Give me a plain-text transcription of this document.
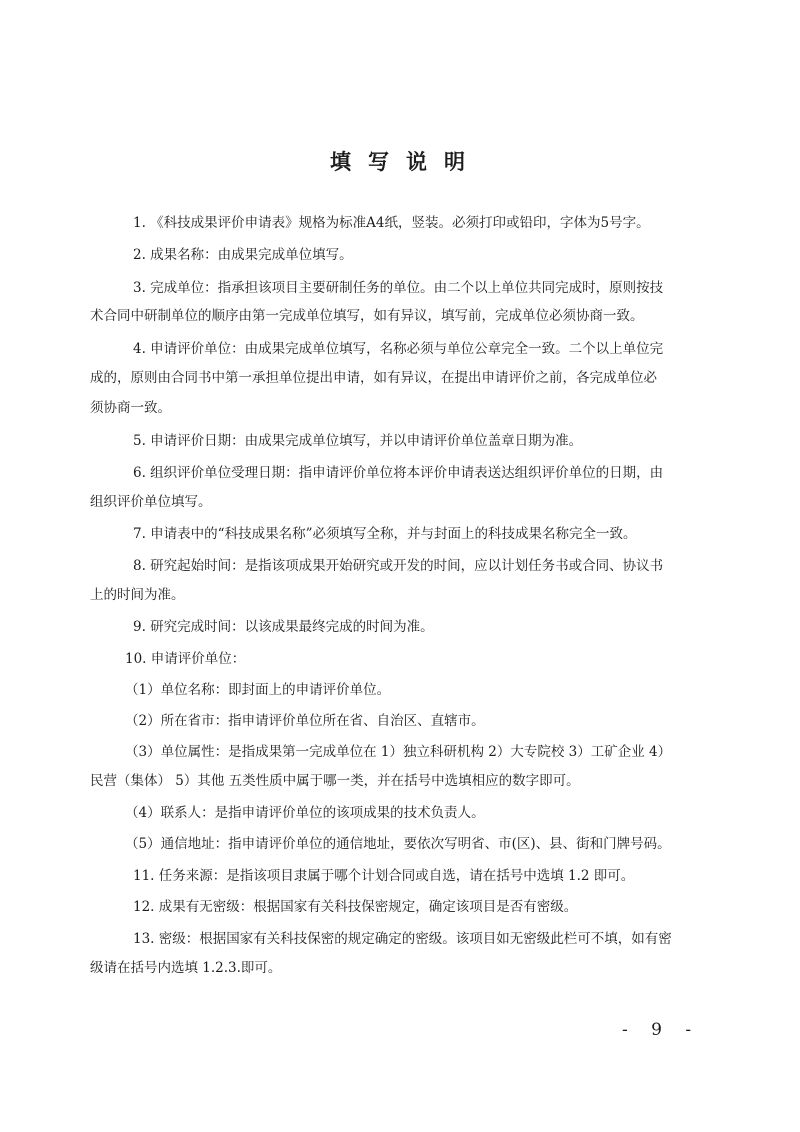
填写说明

1. 《科技成果评价申请表》规格为标准A4纸，竖装。必须打印或铅印，字体为5号字。

2. 成果名称：由成果完成单位填写。

3. 完成单位：指承担该项目主要研制任务的单位。由二个以上单位共同完成时，原则按技

术合同中研制单位的顺序由第一完成单位填写，如有异议，填写前，完成单位必须协商一致。

4. 申请评价单位：由成果完成单位填写，名称必须与单位公章完全一致。二个以上单位完

成的，原则由合同书中第一承担单位提出申请，如有异议，在提出申请评价之前，各完成单位必

须协商一致。

5. 申请评价日期：由成果完成单位填写，并以申请评价单位盖章日期为准。

6. 组织评价单位受理日期：指申请评价单位将本评价申请表送达组织评价单位的日期，由

组织评价单位填写。

7. 申请表中的“科技成果名称”必须填写全称，并与封面上的科技成果名称完全一致。

8. 研究起始时间：是指该项成果开始研究或开发的时间，应以计划任务书或合同、协议书

上的时间为准。

9. 研究完成时间：以该成果最终完成的时间为准。

10. 申请评价单位：

（1）单位名称：即封面上的申请评价单位。

（2）所在省市：指申请评价单位所在省、自治区、直辖市。

（3）单位属性：是指成果第一完成单位在 1）独立科研机构 2）大专院校 3）工矿企业 4）

民营（集体） 5）其他 五类性质中属于哪一类，并在括号中选填相应的数字即可。

（4）联系人：是指申请评价单位的该项成果的技术负责人。

（5）通信地址：指申请评价单位的通信地址，要依次写明省、市(区)、县、街和门牌号码。

11. 任务来源：是指该项目隶属于哪个计划合同或自选，请在括号中选填 1.2 即可。

12. 成果有无密级：根据国家有关科技保密规定，确定该项目是否有密级。

13. 密级：根据国家有关科技保密的规定确定的密级。该项目如无密级此栏可不填，如有密

级请在括号内选填 1.2.3.即可。

- 9 -
